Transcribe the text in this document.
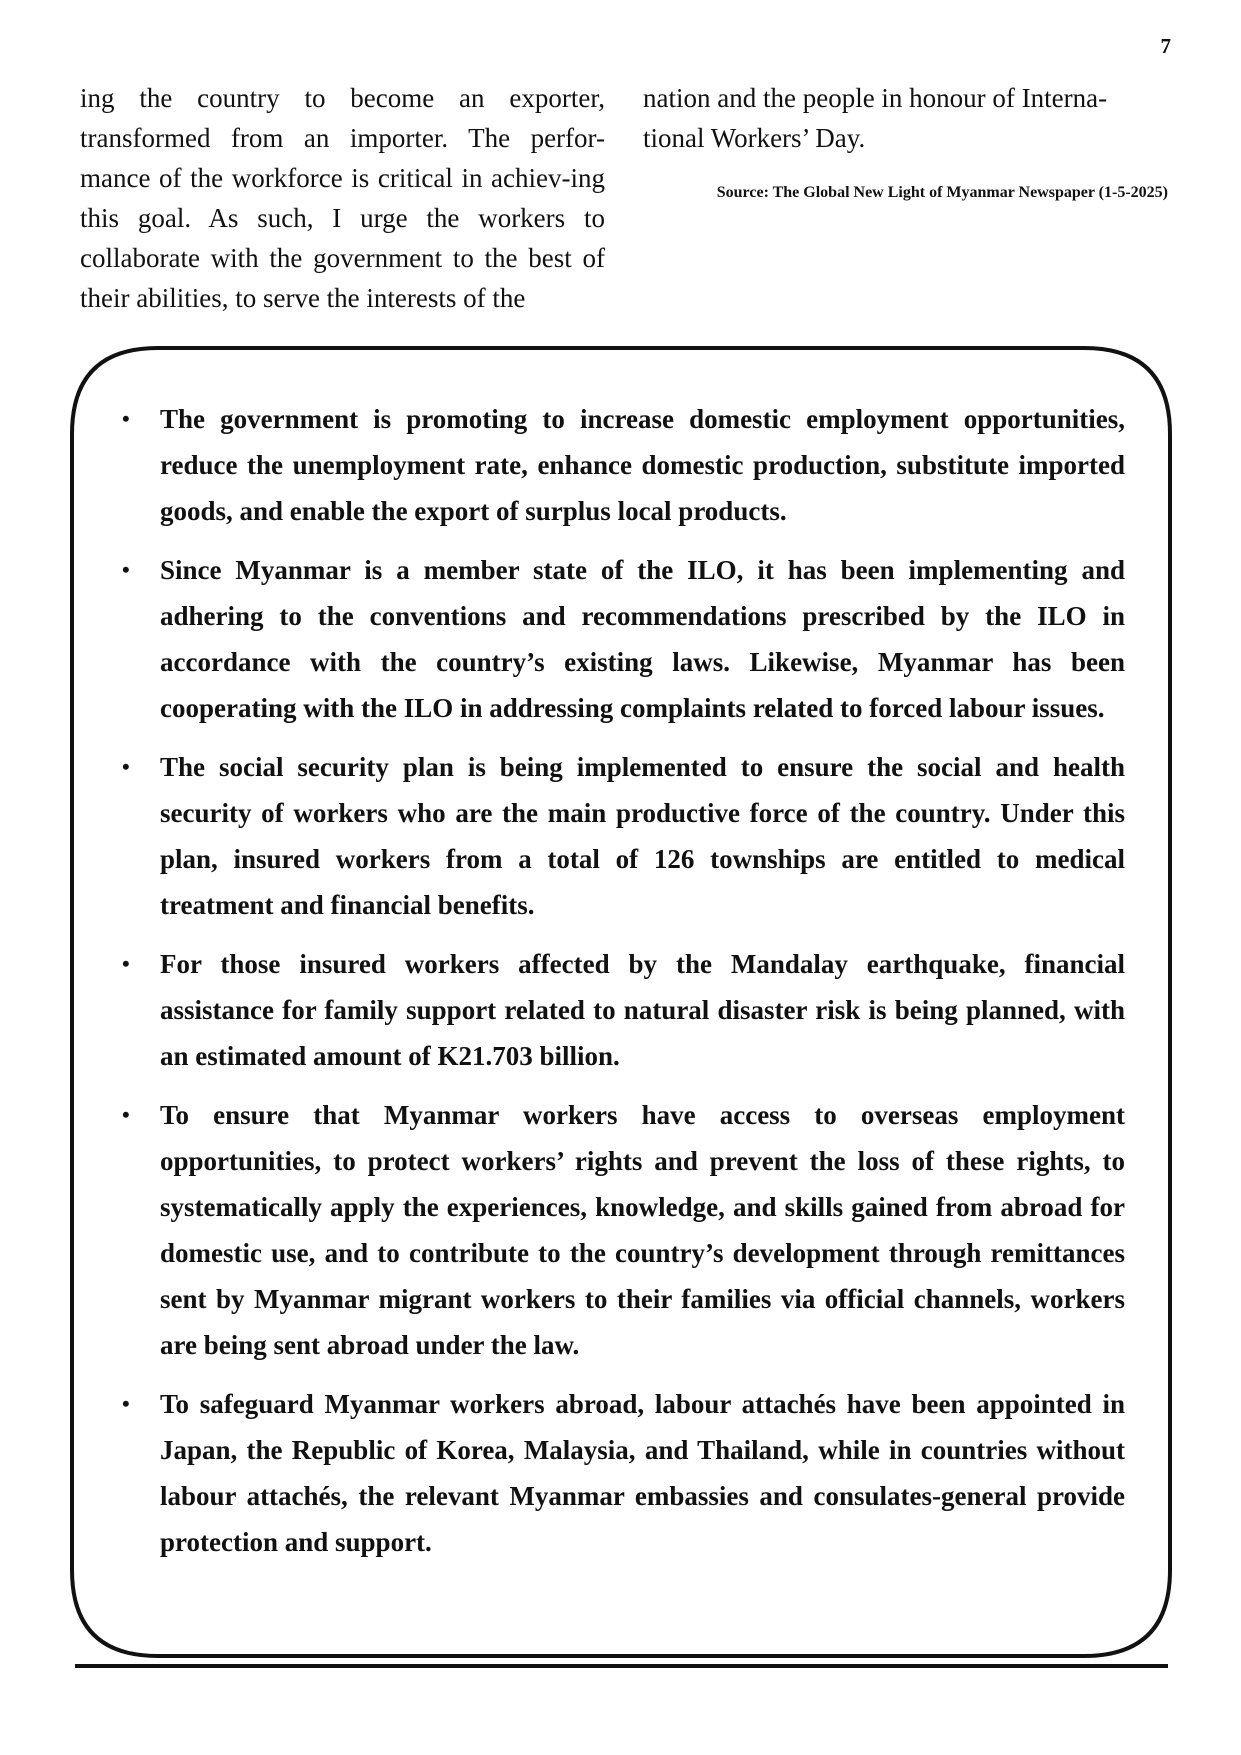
7

ing the country to become an exporter, transformed from an importer. The perfor-mance of the workforce is critical in achiev-ing this goal. As such, I urge the workers to collaborate with the government to the best of their abilities, to serve the interests of the

nation and the people in honour of Interna-tional Workers’ Day.

Source: The Global New Light of Myanmar Newspaper (1-5-2025)

• The government is promoting to increase domestic employment opportunities, reduce the unemployment rate, enhance domestic production, substitute imported goods, and enable the export of surplus local products.
• Since Myanmar is a member state of the ILO, it has been implementing and adhering to the conventions and recommendations prescribed by the ILO in accordance with the country’s existing laws. Likewise, Myanmar has been cooperating with the ILO in addressing complaints related to forced labour issues.
• The social security plan is being implemented to ensure the social and health security of workers who are the main productive force of the country. Under this plan, insured workers from a total of 126 townships are entitled to medical treatment and financial benefits.
• For those insured workers affected by the Mandalay earthquake, financial assistance for family support related to natural disaster risk is being planned, with an estimated amount of K21.703 billion.
• To ensure that Myanmar workers have access to overseas employment opportunities, to protect workers’ rights and prevent the loss of these rights, to systematically apply the experiences, knowledge, and skills gained from abroad for domestic use, and to contribute to the country’s development through remittances sent by Myanmar migrant workers to their families via official channels, workers are being sent abroad under the law.
• To safeguard Myanmar workers abroad, labour attachés have been appointed in Japan, the Republic of Korea, Malaysia, and Thailand, while in countries without labour attachés, the relevant Myanmar embassies and consulates-general provide protection and support.
